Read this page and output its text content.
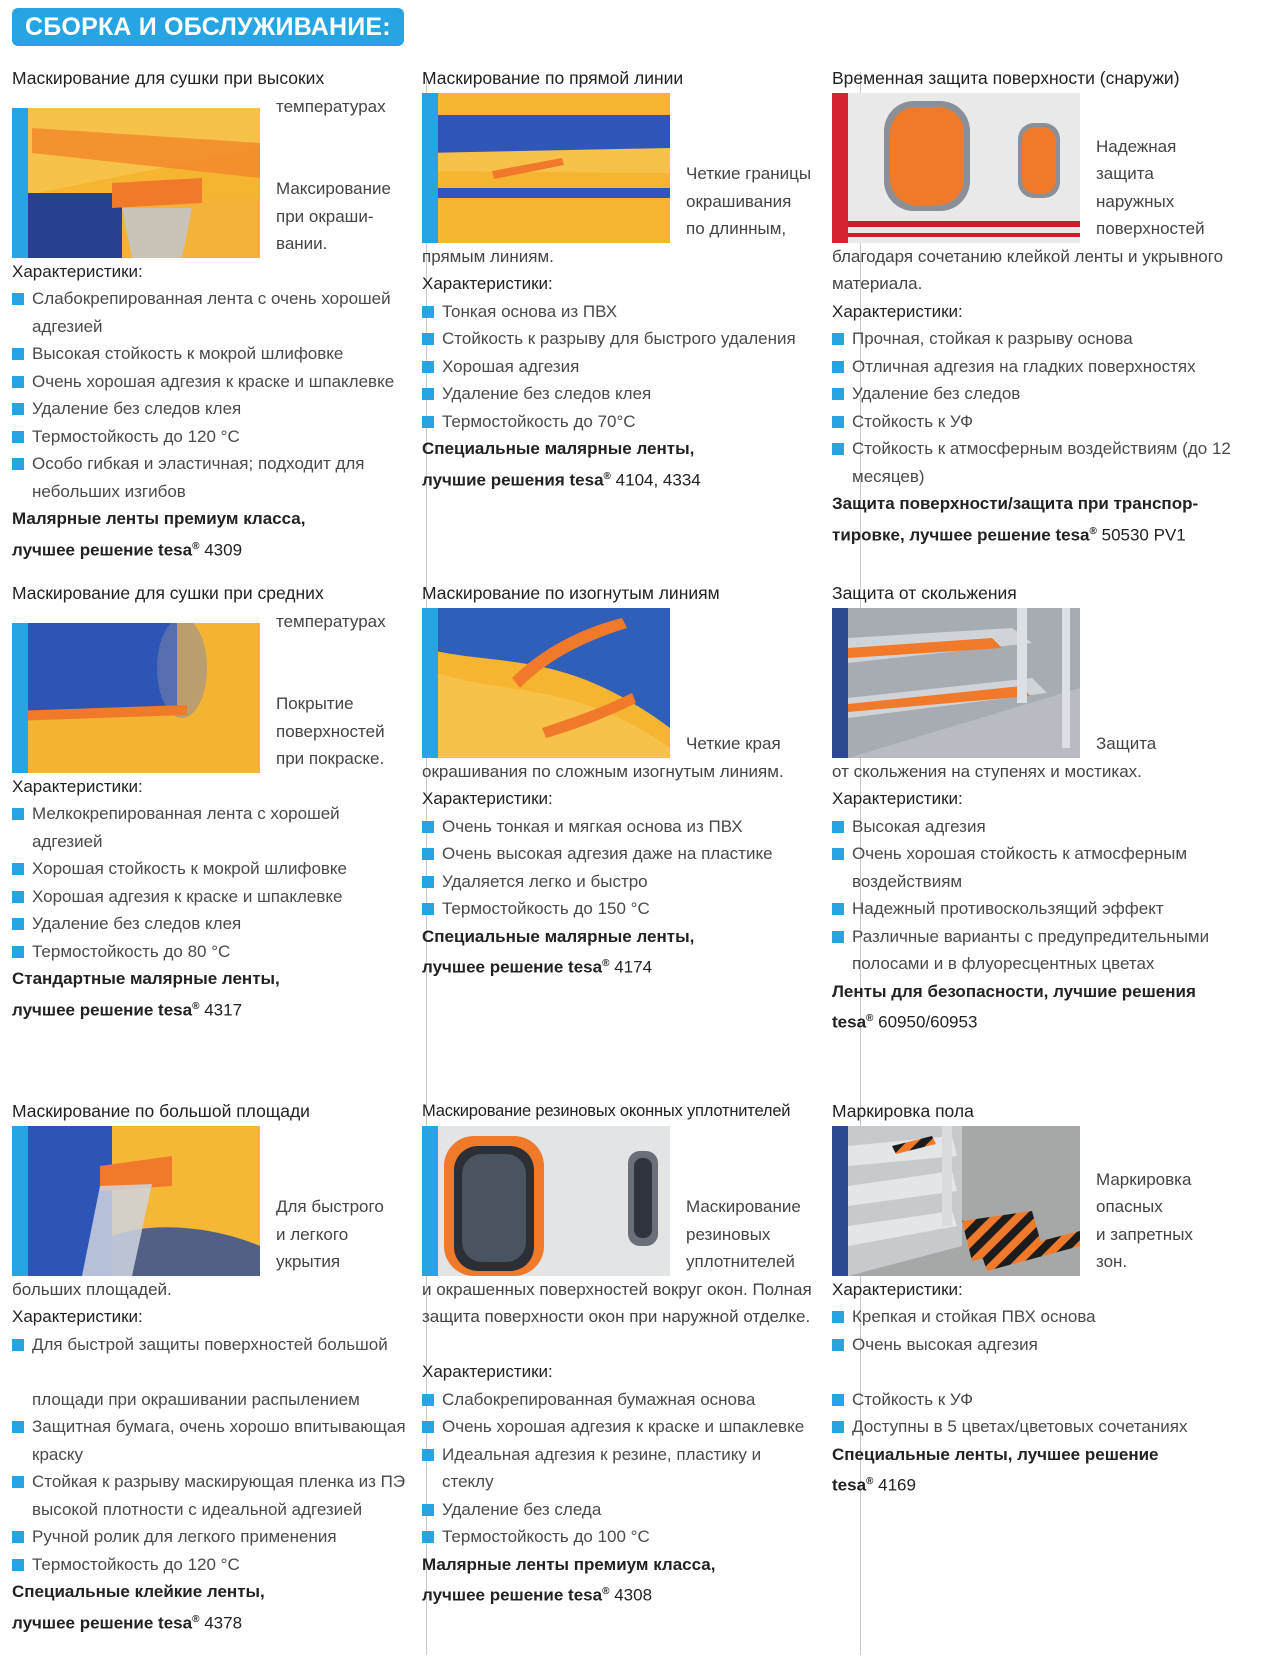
СБОРКА И ОБСЛУЖИВАНИЕ:
Маскирование для сушки при высоких
температурах

Максирование
при окраши-
вании.
Характеристики:
Слабокрепированная лента с очень хорошей адгезией
Высокая стойкость к мокрой шлифовке
Очень хорошая адгезия к краске и шпаклевке
Удаление без следов клея
Термостойкость до 120 °C
Особо гибкая и эластичная; подходит для небольших изгибов
Малярные ленты премиум класса,
лучшее решение tesa® 4309
Маскирование по прямой линии
Четкие границы
окрашивания
по длинным,
прямым линиям.
Характеристики:
Тонкая основа из ПВХ
Стойкость к разрыву для быстрого удаления
Хорошая адгезия
Удаление без следов клея
Термостойкость до 70°C
Специальные малярные ленты,
лучшие решения tesa® 4104, 4334
Временная защита поверхности (снаружи)
Надежная
защита
наружных
поверхностей
благодаря сочетанию клейкой ленты и укрывного материала.
Характеристики:
Прочная, стойкая к разрыву основа
Отличная адгезия на гладких поверхностях
Удаление без следов
Стойкость к УФ
Стойкость к атмосферным воздействиям (до 12 месяцев)
Защита поверхности/защита при транспор-
тировке, лучшее решение tesa® 50530 PV1
Маскирование для сушки при средних
температурах

Покрытие
поверхностей
при покраске.
Характеристики:
Мелкокрепированная лента с хорошей адгезией
Хорошая стойкость к мокрой шлифовке
Хорошая адгезия к краске и шпаклевке
Удаление без следов клея
Термостойкость до 80 °C
Стандартные малярные ленты,
лучшее решение tesa® 4317
Маскирование по изогнутым линиям
Четкие края
окрашивания по сложным изогнутым линиям.
Характеристики:
Очень тонкая и мягкая основа из ПВХ
Очень высокая адгезия даже на пластике
Удаляется легко и быстро
Термостойкость до 150 °C
Специальные малярные ленты,
лучшее решение tesa® 4174
Защита от скольжения
Защита
от скольжения на ступенях и мостиках.
Характеристики:
Высокая адгезия
Очень хорошая стойкость к атмосферным воздействиям
Надежный противоскользящий эффект
Различные варианты с предупредительными полосами и в флуоресцентных цветах
Ленты для безопасности, лучшие решения
tesa® 60950/60953
Маскирование по большой площади
Для быстрого
и легкого
укрытия
больших площадей.
Характеристики:
Для быстрой защиты поверхностей большой
площади при окрашивании распылением
Защитная бумага, очень хорошо впитывающая краску
Стойкая к разрыву маскирующая пленка из ПЭ высокой плотности с идеальной адгезией
Ручной ролик для легкого применения
Термостойкость до 120 °C
Специальные клейкие ленты,
лучшее решение tesa® 4378
Маскирование резиновых оконных уплотнителей
Маскирование
резиновых
уплотнителей
и окрашенных поверхностей вокруг окон. Полная защита поверхности окон при наружной отделке.
Характеристики:
Слабокрепированная бумажная основа
Очень хорошая адгезия к краске и шпаклевке
Идеальная адгезия к резине, пластику и стеклу
Удаление без следа
Термостойкость до 100 °C
Малярные ленты премиум класса,
лучшее решение tesa® 4308
Маркировка пола
Маркировка
опасных
и запретных
зон.
Характеристики:
Крепкая и стойкая ПВХ основа
Очень высокая адгезия
Стойкость к УФ
Доступны в 5 цветах/цветовых сочетаниях
Специальные ленты, лучшее решение
tesa® 4169
